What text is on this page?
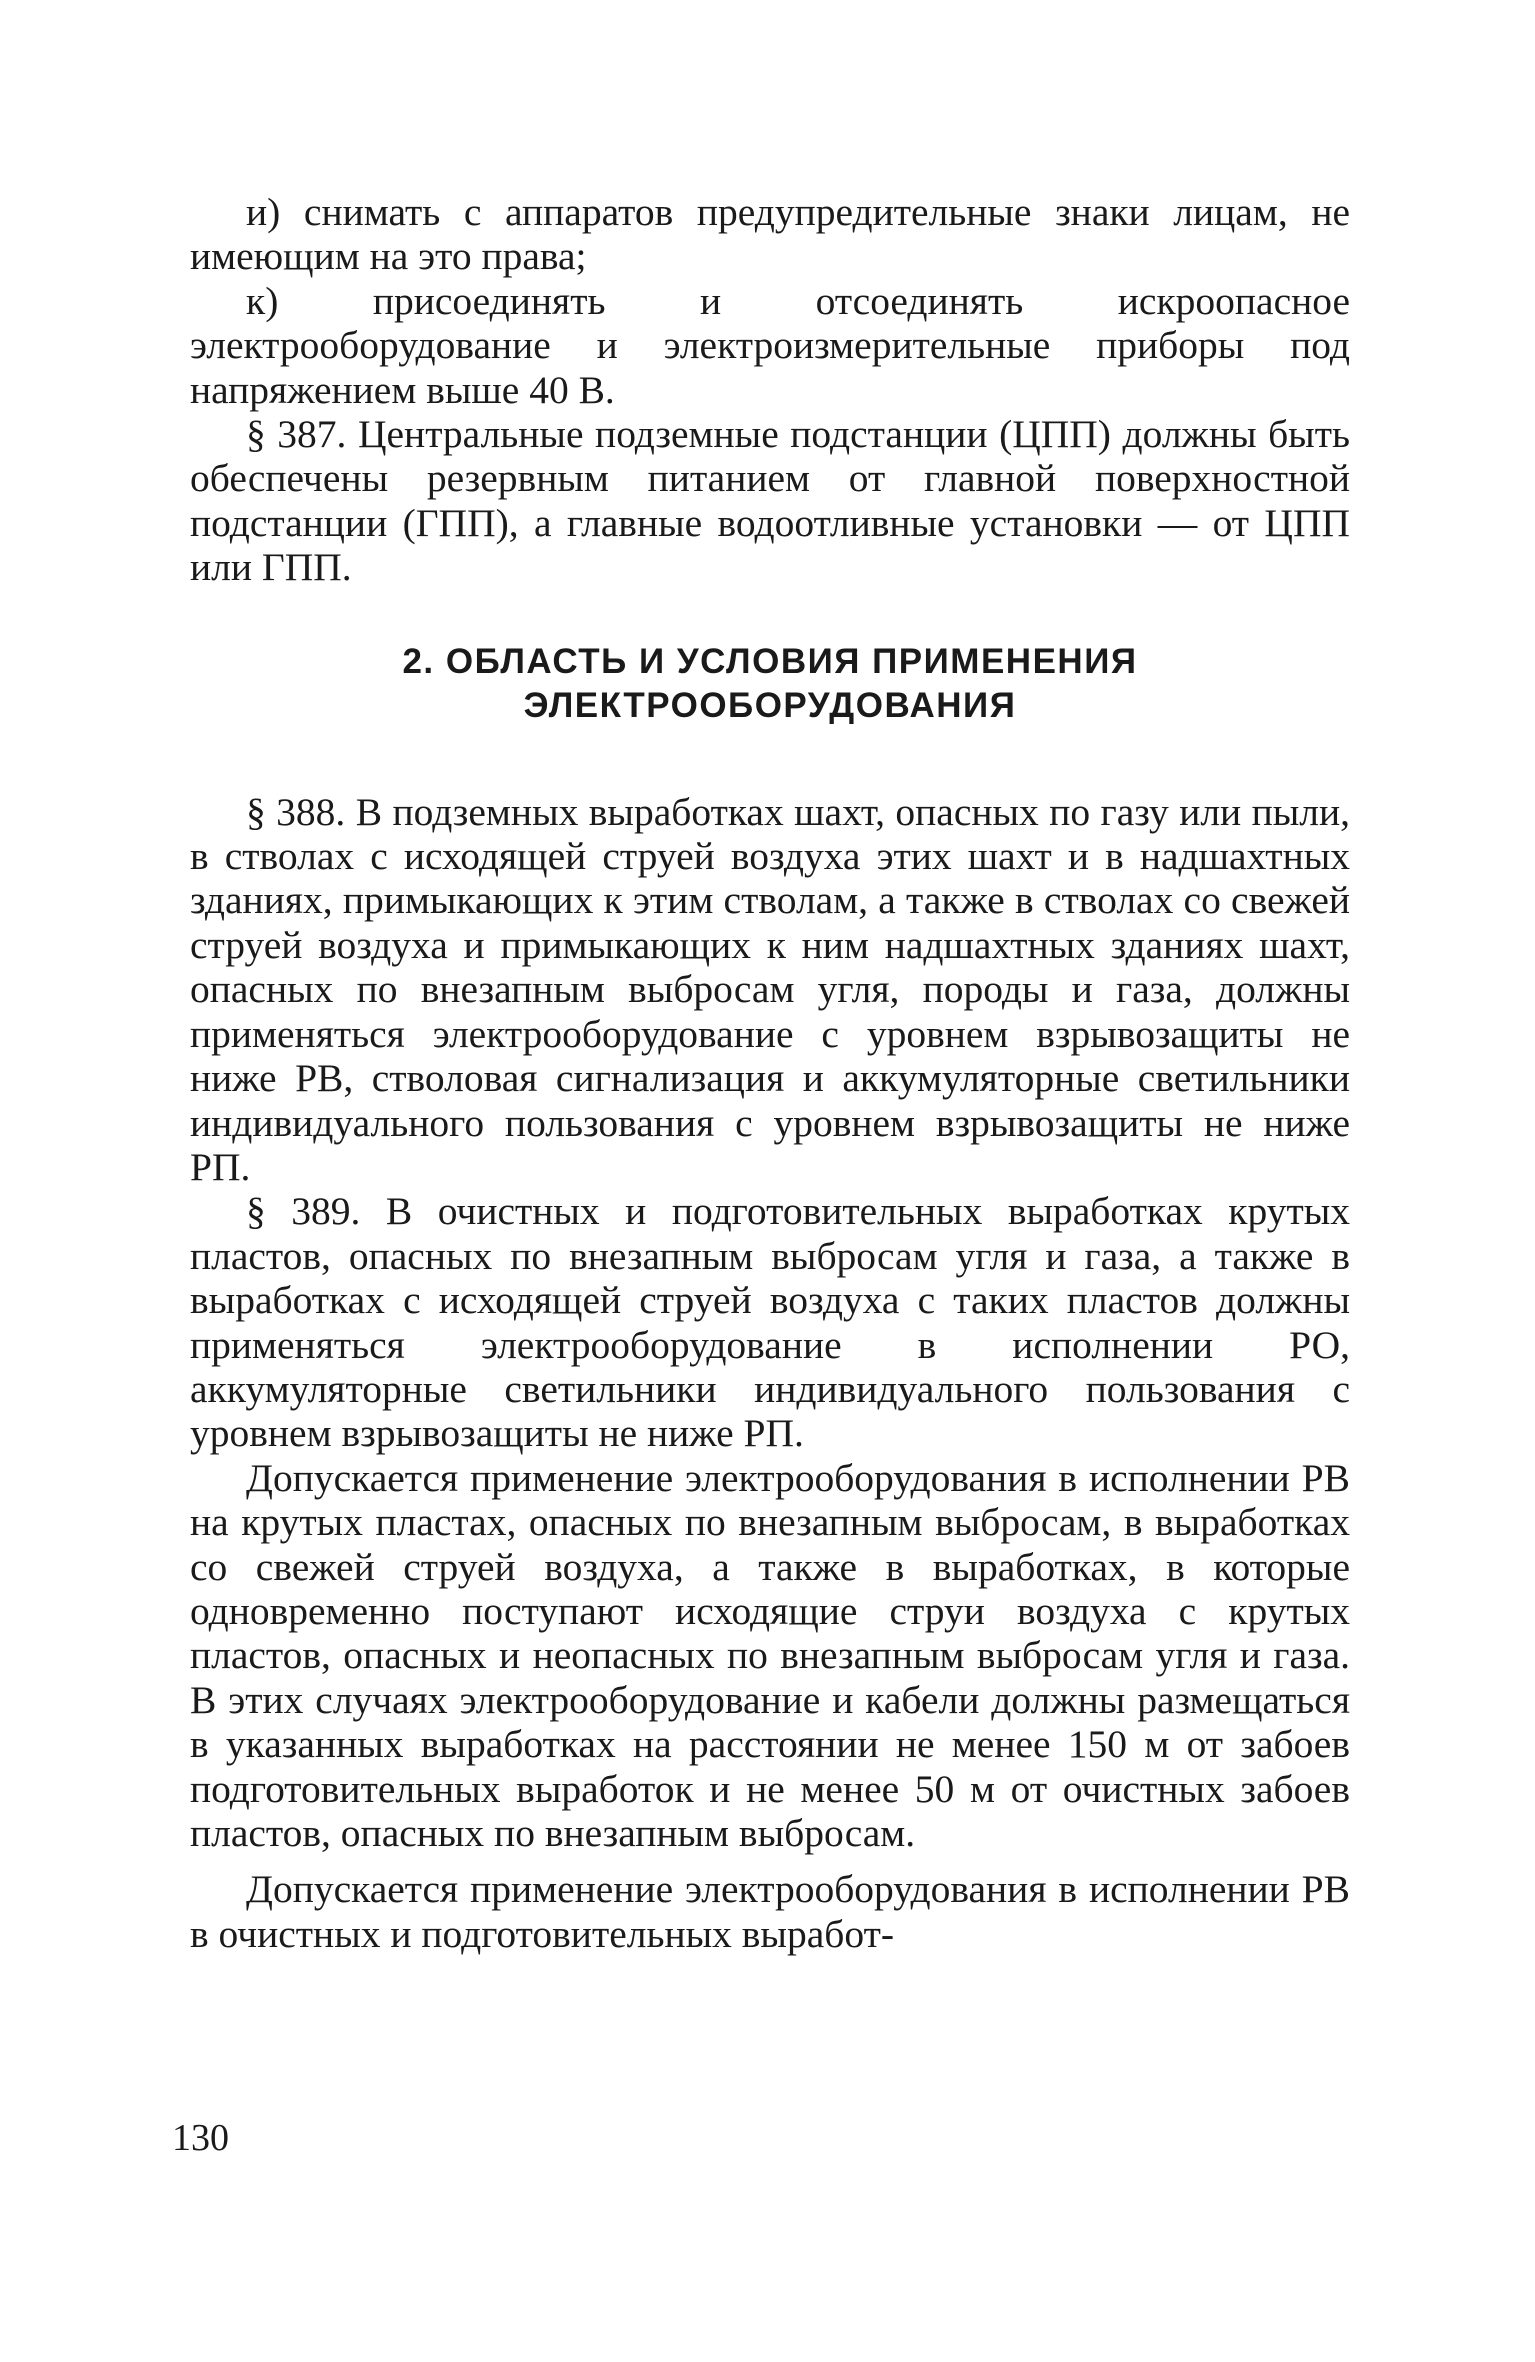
и) снимать с аппаратов предупредительные знаки лицам, не имеющим на это права;

к) присоединять и отсоединять искроопасное электрооборудование и электроизмерительные приборы под напряжением выше 40 В.

§ 387. Центральные подземные подстанции (ЦПП) должны быть обеспечены резервным питанием от главной поверхностной подстанции (ГПП), а главные водоотливные установки — от ЦПП или ГПП.

2. ОБЛАСТЬ И УСЛОВИЯ ПРИМЕНЕНИЯ

ЭЛЕКТРООБОРУДОВАНИЯ

§ 388. В подземных выработках шахт, опасных по газу или пыли, в стволах с исходящей струей воздуха этих шахт и в надшахтных зданиях, примыкающих к этим стволам, а также в стволах со свежей струей воздуха и примыкающих к ним надшахтных зданиях шахт, опасных по внезапным выбросам угля, породы и газа, должны применяться электрооборудование с уровнем взрывозащиты не ниже РВ, стволовая сигнализация и аккумуляторные светильники индивидуального пользования с уровнем взрывозащиты не ниже РП.

§ 389. В очистных и подготовительных выработках крутых пластов, опасных по внезапным выбросам угля и газа, а также в выработках с исходящей струей воздуха с таких пластов должны применяться электрооборудование в исполнении РО, аккумуляторные светильники индивидуального пользования с уровнем взрывозащиты не ниже РП.

Допускается применение электрооборудования в исполнении РВ на крутых пластах, опасных по внезапным выбросам, в выработках со свежей струей воздуха, а также в выработках, в которые одновременно поступают исходящие струи воздуха с крутых пластов, опасных и неопасных по внезапным выбросам угля и газа. В этих случаях электрооборудование и кабели должны размещаться в указанных выработках на расстоянии не менее 150 м от забоев подготовительных выработок и не менее 50 м от очистных забоев пластов, опасных по внезапным выбросам.

Допускается применение электрооборудования в исполнении РВ в очистных и подготовительных выработ-

130
